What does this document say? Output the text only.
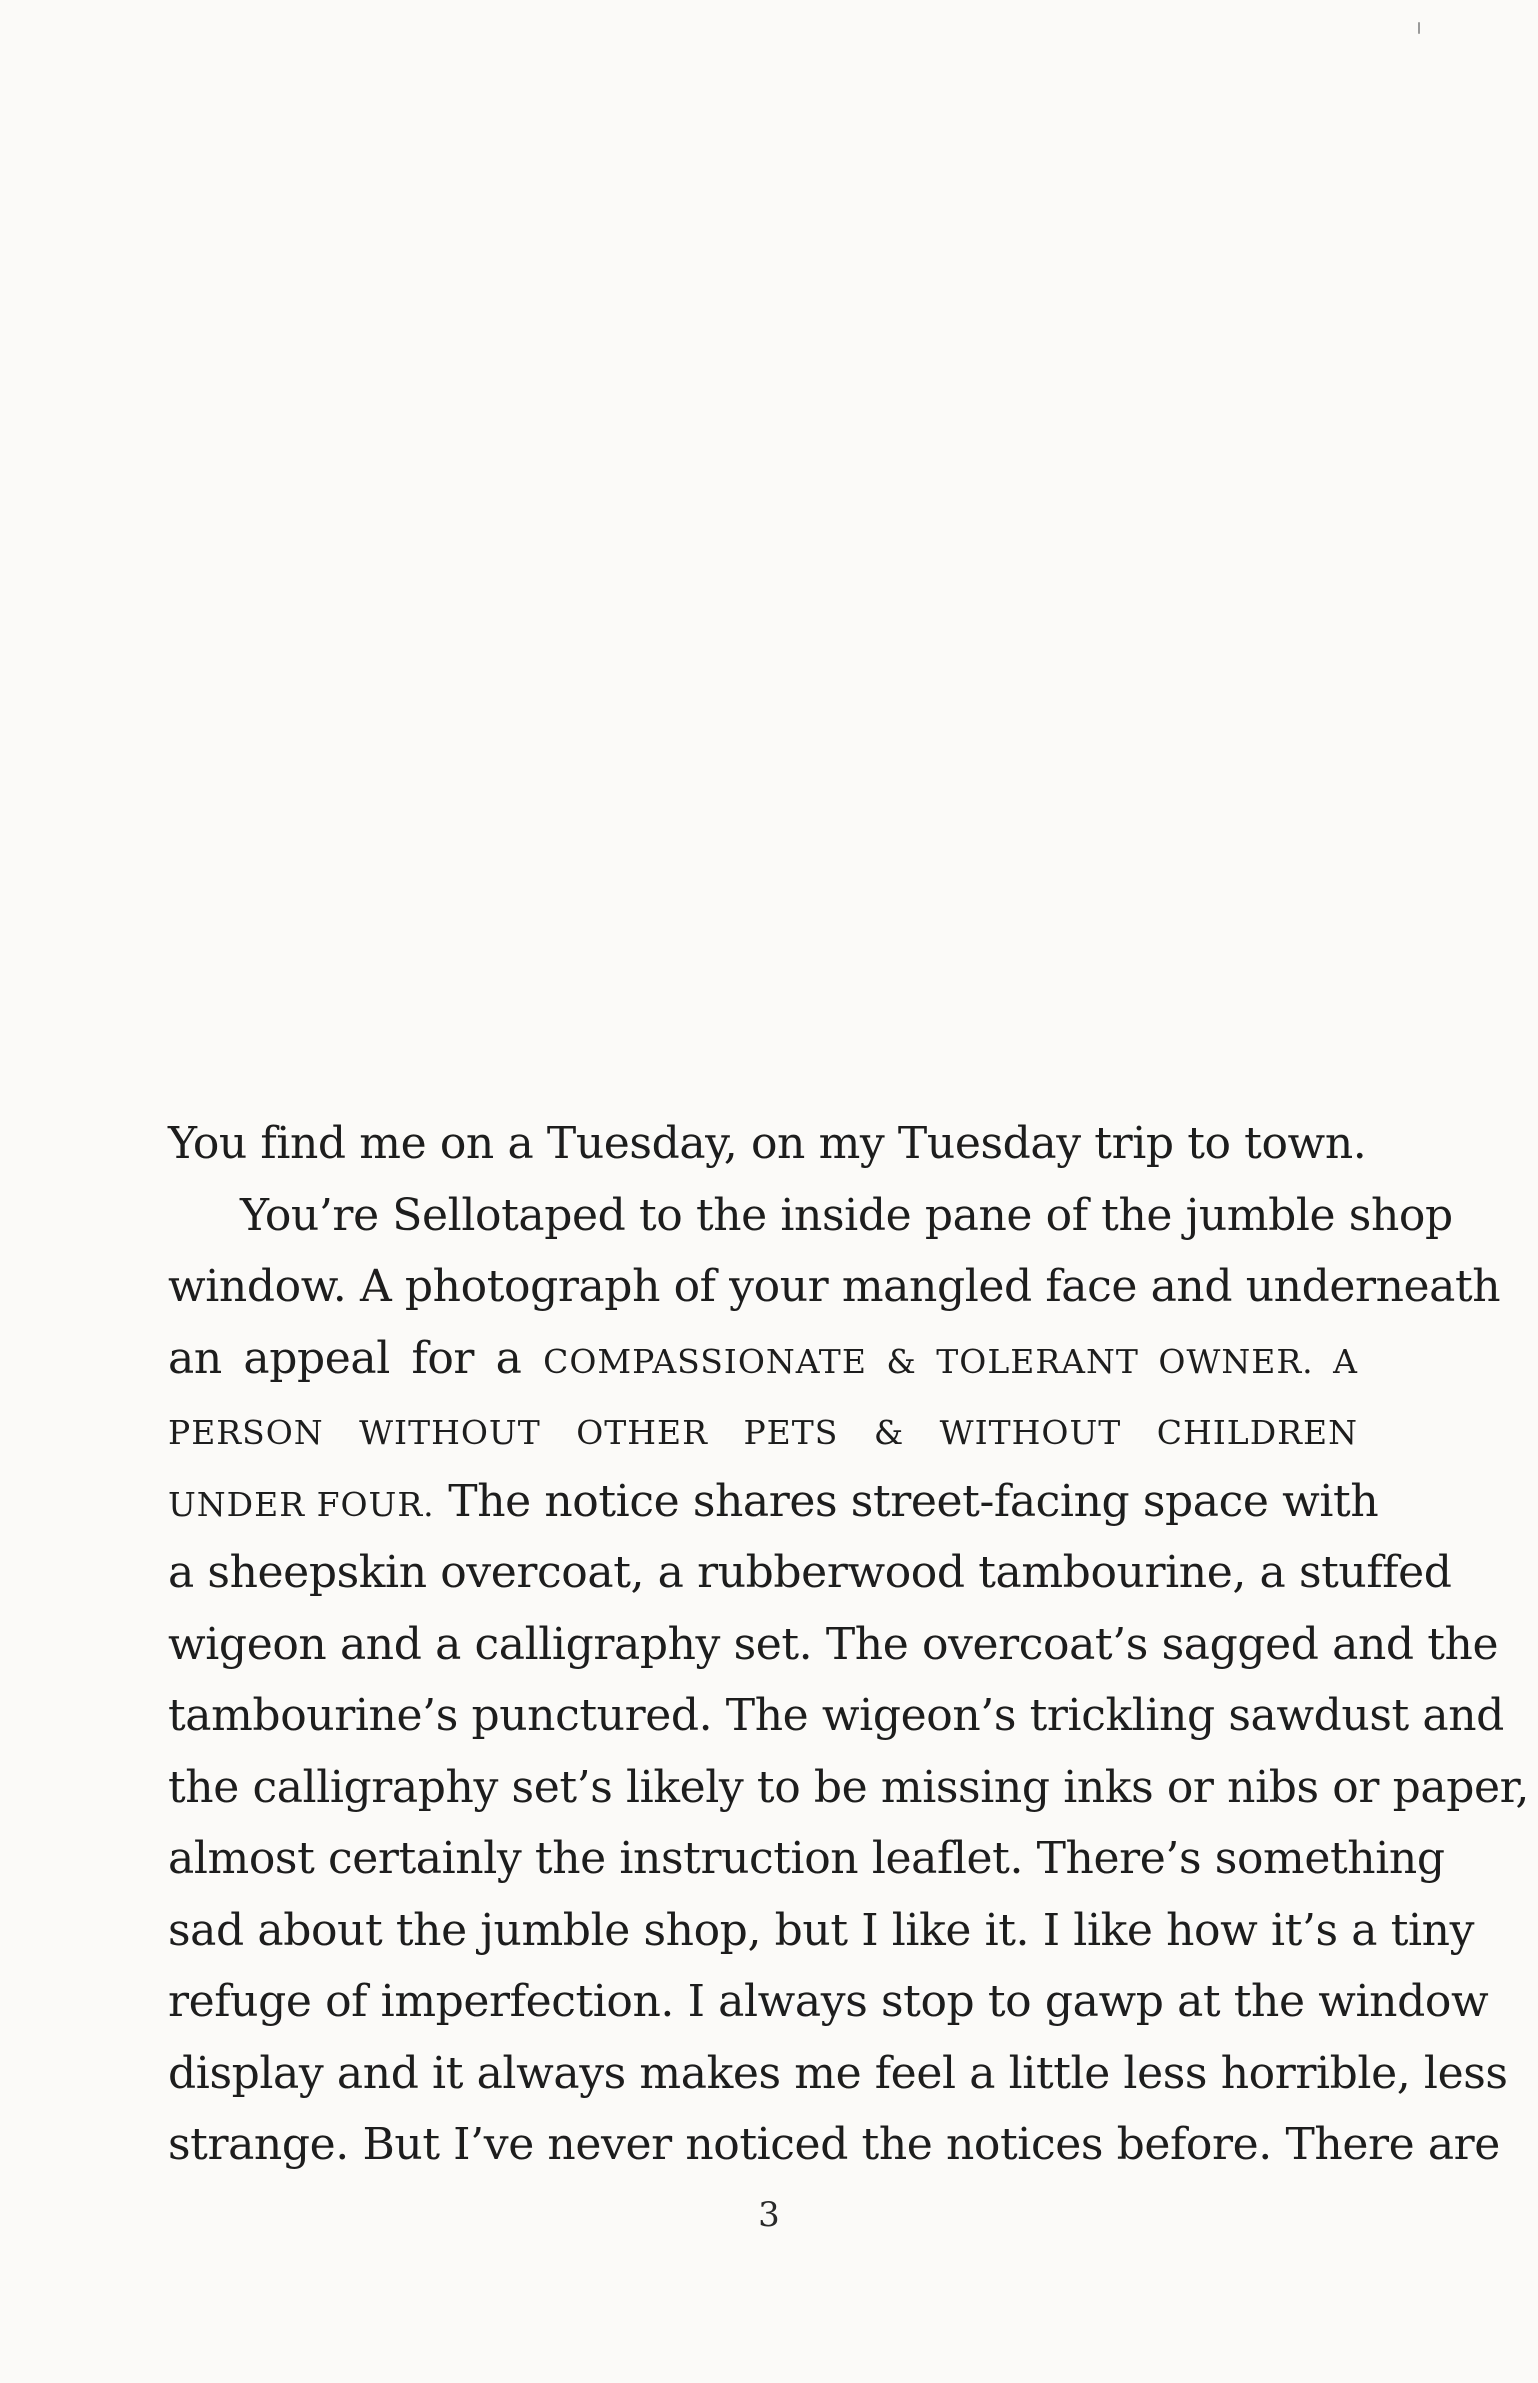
You find me on a Tuesday, on my Tuesday trip to town.
You’re Sellotaped to the inside pane of the jumble shop
window. A photograph of your mangled face and underneath
an appeal for a COMPASSIONATE & TOLERANT OWNER. A
PERSON WITHOUT OTHER PETS & WITHOUT CHILDREN
UNDER FOUR. The notice shares street-facing space with
a sheepskin overcoat, a rubberwood tambourine, a stuffed
wigeon and a calligraphy set. The overcoat’s sagged and the
tambourine’s punctured. The wigeon’s trickling sawdust and
the calligraphy set’s likely to be missing inks or nibs or paper,
almost certainly the instruction leaflet. There’s something
sad about the jumble shop, but I like it. I like how it’s a tiny
refuge of imperfection. I always stop to gawp at the window
display and it always makes me feel a little less horrible, less
strange. But I’ve never noticed the notices before. There are
3
